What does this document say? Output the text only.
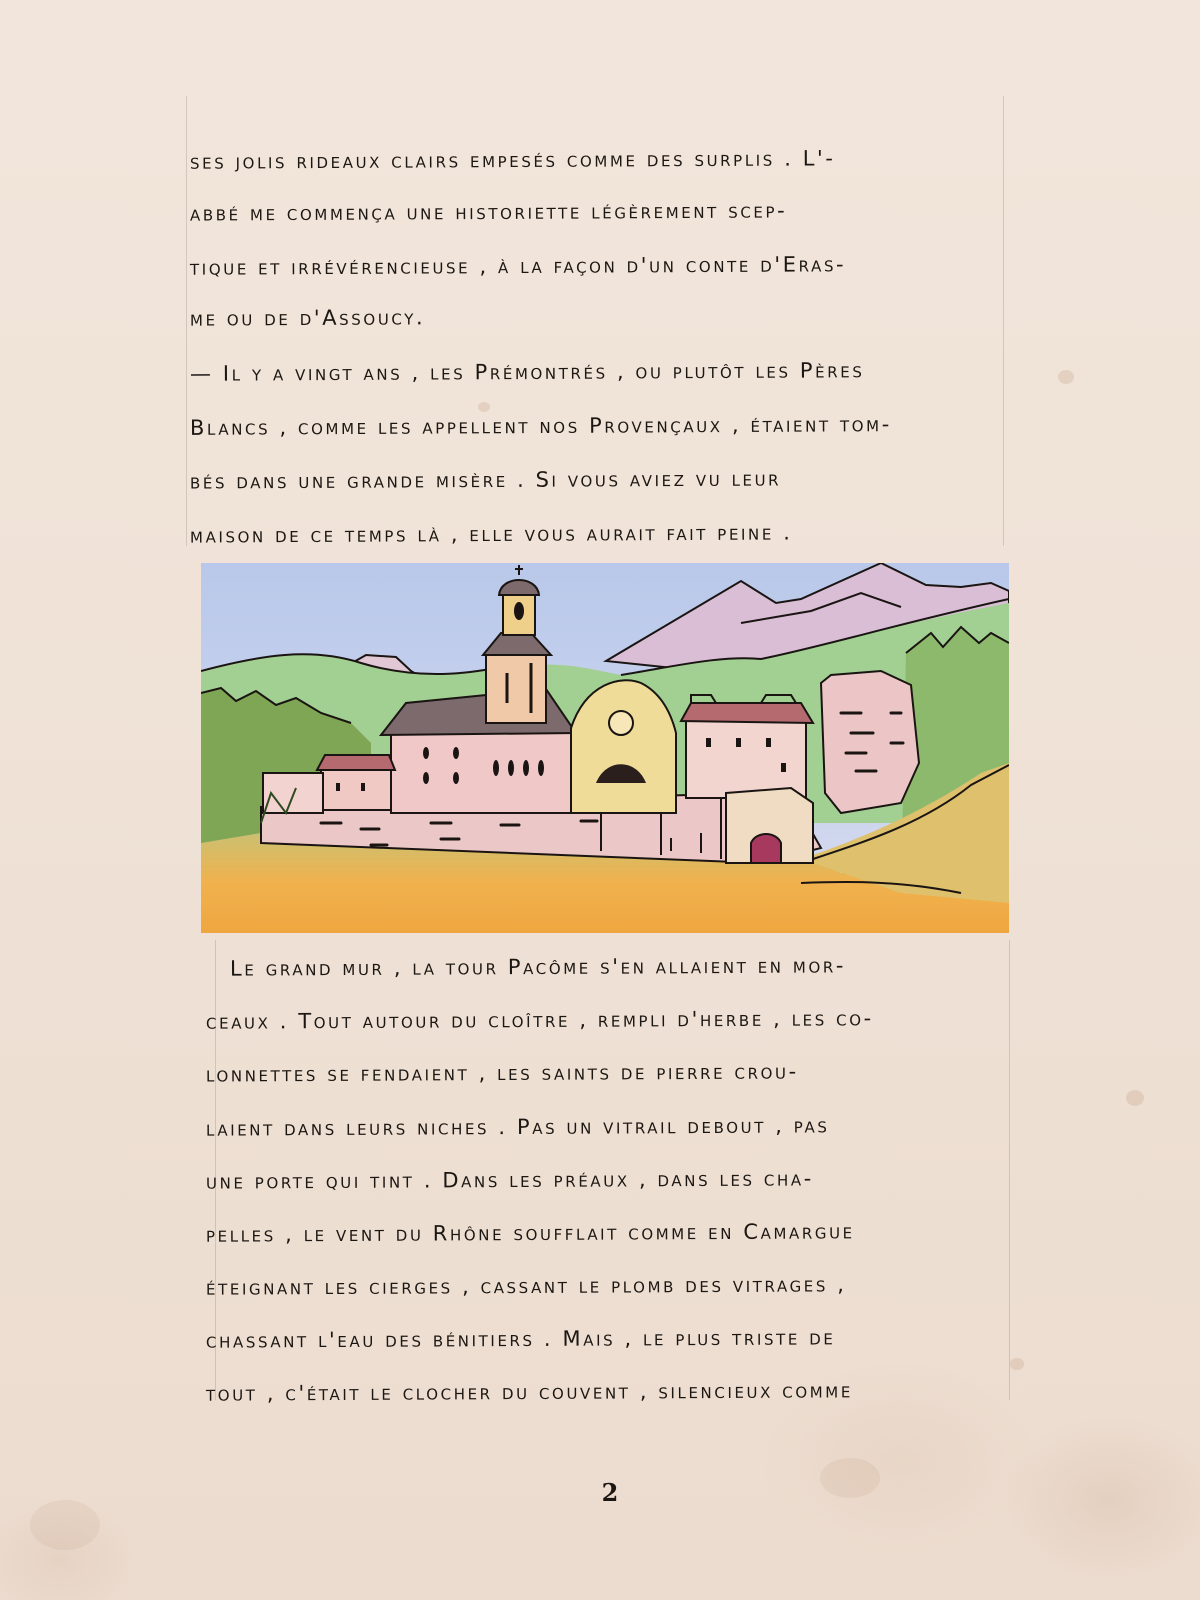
ses jolis rideaux clairs empesés comme des surplis . L'-
abbé me commença une historiette légèrement scep-
tique et irrévérencieuse , à la façon d'un conte d'Eras-
me ou de d'Assoucy.
— Il y a vingt ans , les Prémontrés , ou plutôt les Pères
Blancs , comme les appellent nos Provençaux , étaient tom-
bés dans une grande misère . Si vous aviez vu leur
maison de ce temps là , elle vous aurait fait peine .
Le grand mur , la tour Pacôme s'en allaient en mor-
ceaux . Tout autour du cloître , rempli d'herbe , les co-
lonnettes se fendaient , les saints de pierre crou-
laient dans leurs niches . Pas un vitrail debout , pas
une porte qui tint . Dans les préaux , dans les cha-
pelles , le vent du Rhône soufflait comme en Camargue
éteignant les cierges , cassant le plomb des vitrages ,
chassant l'eau des bénitiers . Mais , le plus triste de
tout , c'était le clocher du couvent , silencieux comme
2
